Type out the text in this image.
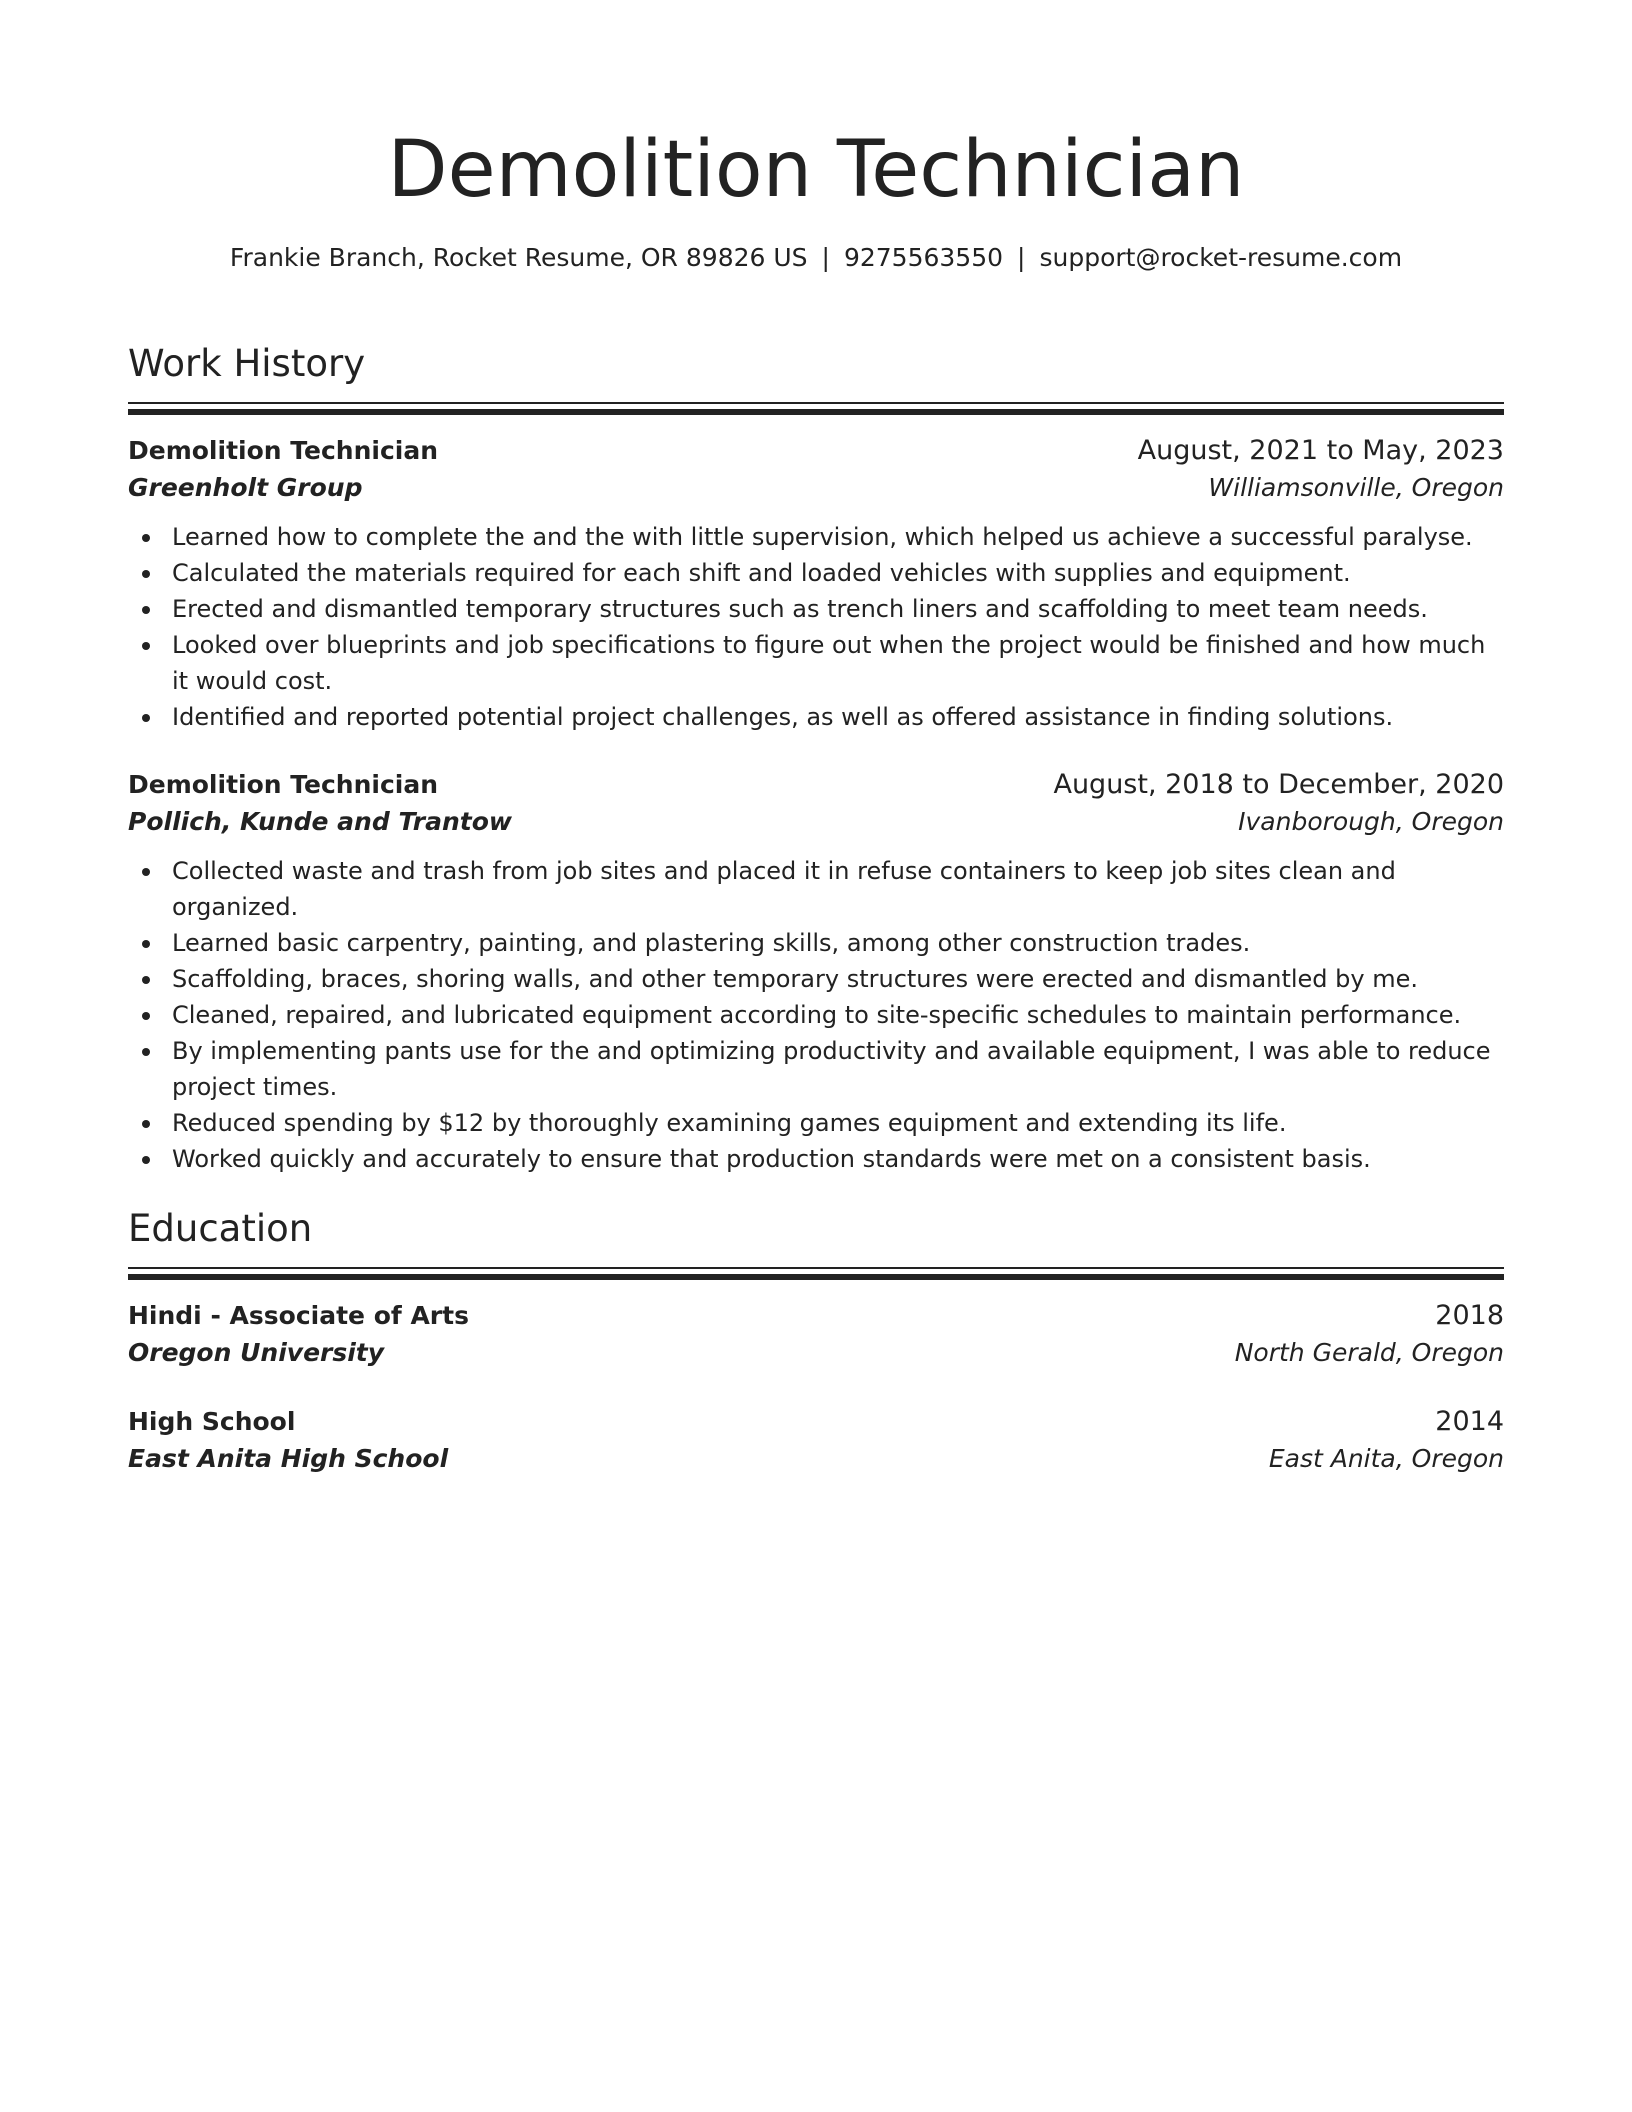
Demolition Technician
Frankie Branch, Rocket Resume, OR 89826 US | 9275563550 | support@rocket-resume.com
Work History
Demolition Technician	August, 2021 to May, 2023
Greenholt Group	Williamsonville, Oregon
Learned how to complete the and the with little supervision, which helped us achieve a successful paralyse.
Calculated the materials required for each shift and loaded vehicles with supplies and equipment.
Erected and dismantled temporary structures such as trench liners and scaffolding to meet team needs.
Looked over blueprints and job specifications to figure out when the project would be finished and how much it would cost.
Identified and reported potential project challenges, as well as offered assistance in finding solutions.
Demolition Technician	August, 2018 to December, 2020
Pollich, Kunde and Trantow	Ivanborough, Oregon
Collected waste and trash from job sites and placed it in refuse containers to keep job sites clean and organized.
Learned basic carpentry, painting, and plastering skills, among other construction trades.
Scaffolding, braces, shoring walls, and other temporary structures were erected and dismantled by me.
Cleaned, repaired, and lubricated equipment according to site-specific schedules to maintain performance.
By implementing pants use for the and optimizing productivity and available equipment, I was able to reduce project times.
Reduced spending by $12 by thoroughly examining games equipment and extending its life.
Worked quickly and accurately to ensure that production standards were met on a consistent basis.
Education
Hindi - Associate of Arts	2018
Oregon University	North Gerald, Oregon
High School	2014
East Anita High School	East Anita, Oregon
